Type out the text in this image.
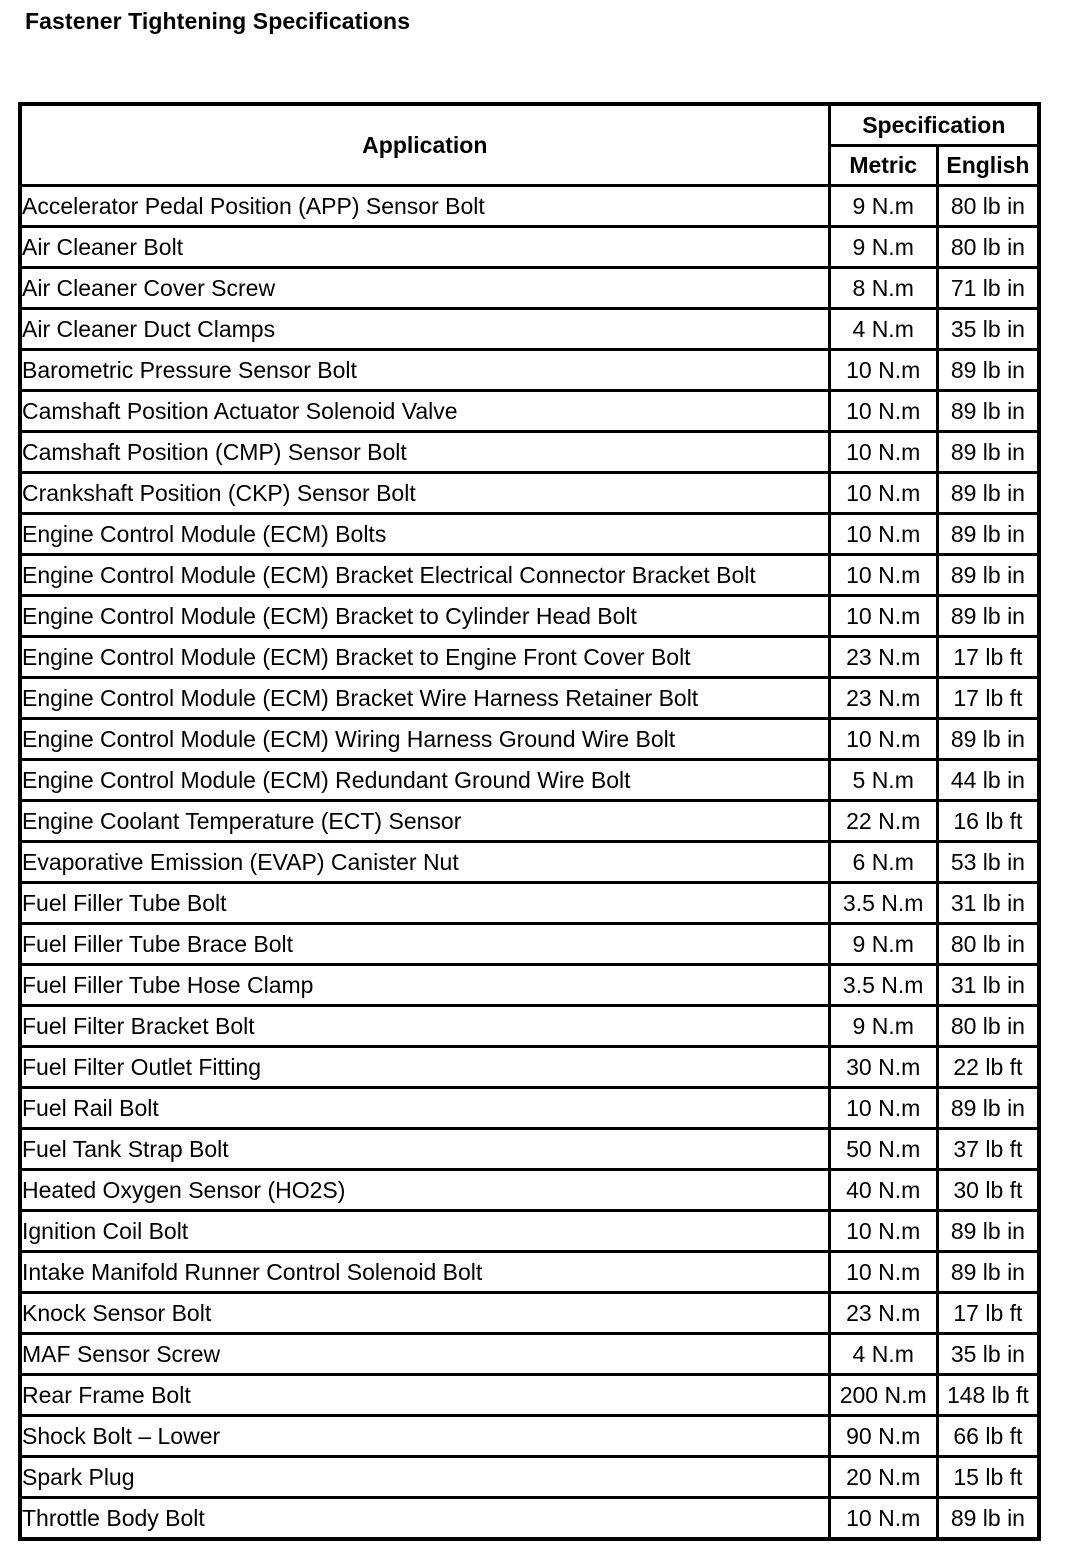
Fastener Tightening Specifications
Application	Specification	
	Metric	English
Accelerator Pedal Position (APP) Sensor Bolt	9 N.m	80 lb in
Air Cleaner Bolt	9 N.m	80 lb in
Air Cleaner Cover Screw	8 N.m	71 lb in
Air Cleaner Duct Clamps	4 N.m	35 lb in
Barometric Pressure Sensor Bolt	10 N.m	89 lb in
Camshaft Position Actuator Solenoid Valve	10 N.m	89 lb in
Camshaft Position (CMP) Sensor Bolt	10 N.m	89 lb in
Crankshaft Position (CKP) Sensor Bolt	10 N.m	89 lb in
Engine Control Module (ECM) Bolts	10 N.m	89 lb in
Engine Control Module (ECM) Bracket Electrical Connector Bracket Bolt	10 N.m	89 lb in
Engine Control Module (ECM) Bracket to Cylinder Head Bolt	10 N.m	89 lb in
Engine Control Module (ECM) Bracket to Engine Front Cover Bolt	23 N.m	17 lb ft
Engine Control Module (ECM) Bracket Wire Harness Retainer Bolt	23 N.m	17 lb ft
Engine Control Module (ECM) Wiring Harness Ground Wire Bolt	10 N.m	89 lb in
Engine Control Module (ECM) Redundant Ground Wire Bolt	5 N.m	44 lb in
Engine Coolant Temperature (ECT) Sensor	22 N.m	16 lb ft
Evaporative Emission (EVAP) Canister Nut	6 N.m	53 lb in
Fuel Filler Tube Bolt	3.5 N.m	31 lb in
Fuel Filler Tube Brace Bolt	9 N.m	80 lb in
Fuel Filler Tube Hose Clamp	3.5 N.m	31 lb in
Fuel Filter Bracket Bolt	9 N.m	80 lb in
Fuel Filter Outlet Fitting	30 N.m	22 lb ft
Fuel Rail Bolt	10 N.m	89 lb in
Fuel Tank Strap Bolt	50 N.m	37 lb ft
Heated Oxygen Sensor (HO2S)	40 N.m	30 lb ft
Ignition Coil Bolt	10 N.m	89 lb in
Intake Manifold Runner Control Solenoid Bolt	10 N.m	89 lb in
Knock Sensor Bolt	23 N.m	17 lb ft
MAF Sensor Screw	4 N.m	35 lb in
Rear Frame Bolt	200 N.m	148 lb ft
Shock Bolt – Lower	90 N.m	66 lb ft
Spark Plug	20 N.m	15 lb ft
Throttle Body Bolt	10 N.m	89 lb in
